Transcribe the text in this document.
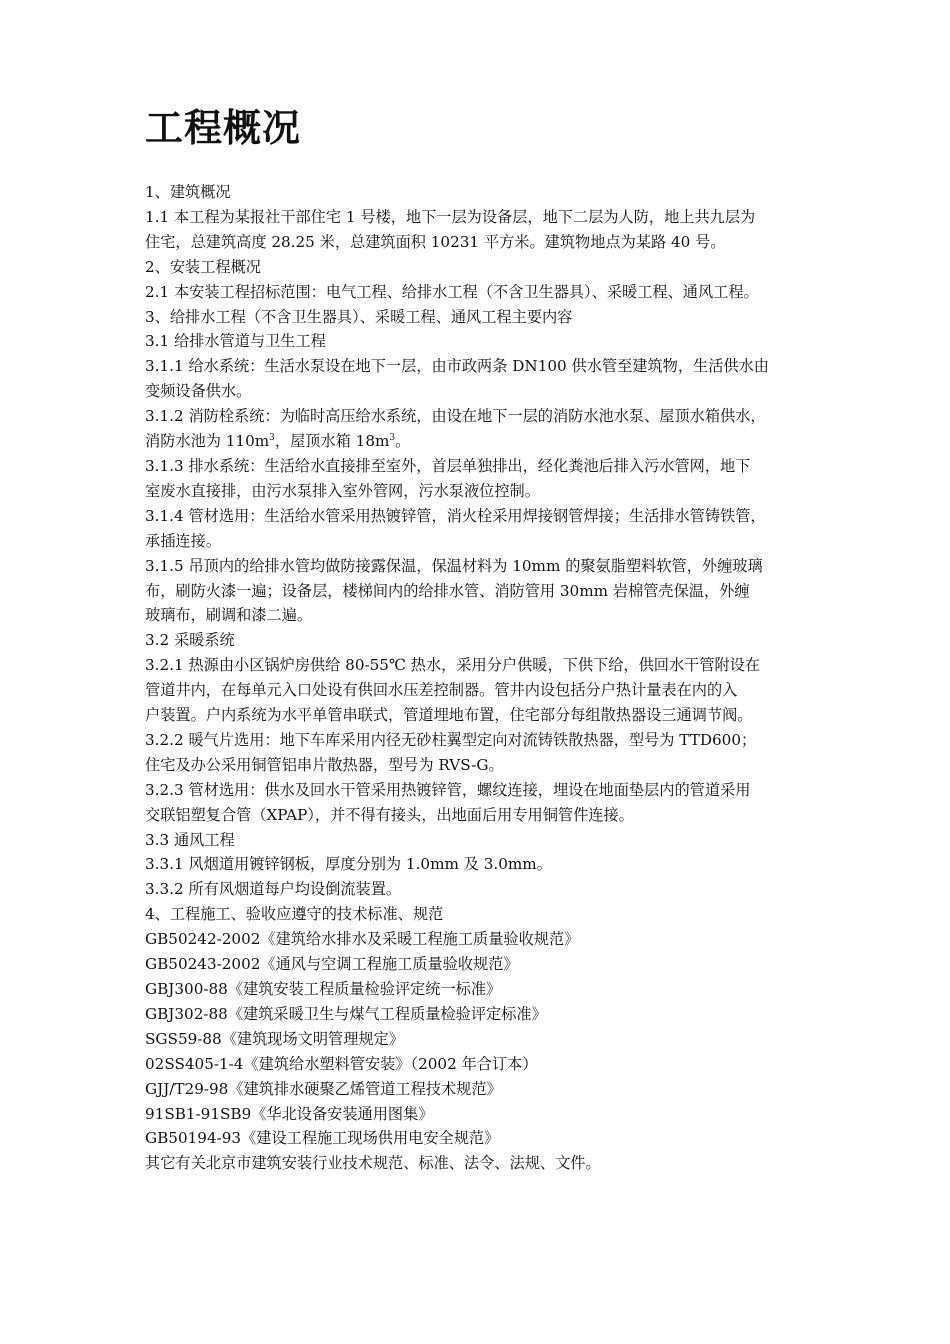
工程概况

1、建筑概况

1.1 本工程为某报社干部住宅 1 号楼，地下一层为设备层，地下二层为人防，地上共九层为

住宅，总建筑高度 28.25 米，总建筑面积 10231 平方米。建筑物地点为某路 40 号。

2、安装工程概况

2.1 本安装工程招标范围：电气工程、给排水工程（不含卫生器具）、采暖工程、通风工程。

3、给排水工程（不含卫生器具）、采暖工程、通风工程主要内容

3.1 给排水管道与卫生工程

3.1.1 给水系统：生活水泵设在地下一层，由市政两条 DN100 供水管至建筑物，生活供水由

变频设备供水。

3.1.2 消防栓系统：为临时高压给水系统，由设在地下一层的消防水池水泵、屋顶水箱供水，

消防水池为 $110m^3$，屋顶水箱 $18m^3$。

3.1.3 排水系统：生活给水直接排至室外，首层单独排出，经化粪池后排入污水管网，地下

室废水直接排，由污水泵排入室外管网，污水泵液位控制。

3.1.4 管材选用：生活给水管采用热镀锌管，消火栓采用焊接钢管焊接；生活排水管铸铁管，

承插连接。

3.1.5 吊顶内的给排水管均做防接露保温，保温材料为 10mm 的聚氨脂塑料软管，外缠玻璃

布，刷防火漆一遍；设备层，楼梯间内的给排水管、消防管用 30mm 岩棉管壳保温，外缠

玻璃布，刷调和漆二遍。

3.2 采暖系统

3.2.1 热源由小区锅炉房供给 80-55℃ 热水，采用分户供暖，下供下给，供回水干管附设在

管道井内，在每单元入口处设有供回水压差控制器。管井内设包括分户热计量表在内的入

户装置。户内系统为水平单管串联式，管道埋地布置，住宅部分每组散热器设三通调节阀。

3.2.2 暖气片选用：地下车库采用内径无砂柱翼型定向对流铸铁散热器，型号为 TTD600；

住宅及办公采用铜管铝串片散热器，型号为 RVS-G。

3.2.3 管材选用：供水及回水干管采用热镀锌管，螺纹连接，埋设在地面垫层内的管道采用

交联铝塑复合管（XPAP），并不得有接头，出地面后用专用铜管件连接。

3.3 通风工程

3.3.1 风烟道用镀锌钢板，厚度分别为 1.0mm 及 3.0mm。

3.3.2 所有风烟道每户均设倒流装置。

4、工程施工、验收应遵守的技术标准、规范

GB50242-2002《建筑给水排水及采暖工程施工质量验收规范》

GB50243-2002《通风与空调工程施工质量验收规范》

GBJ300-88《建筑安装工程质量检验评定统一标准》

GBJ302-88《建筑采暖卫生与煤气工程质量检验评定标准》

SGS59-88《建筑现场文明管理规定》

02SS405-1-4《建筑给水塑料管安装》（2002 年合订本）

GJJ/T29-98《建筑排水硬聚乙烯管道工程技术规范》

91SB1-91SB9《华北设备安装通用图集》

GB50194-93《建设工程施工现场供用电安全规范》

其它有关北京市建筑安装行业技术规范、标准、法令、法规、文件。
